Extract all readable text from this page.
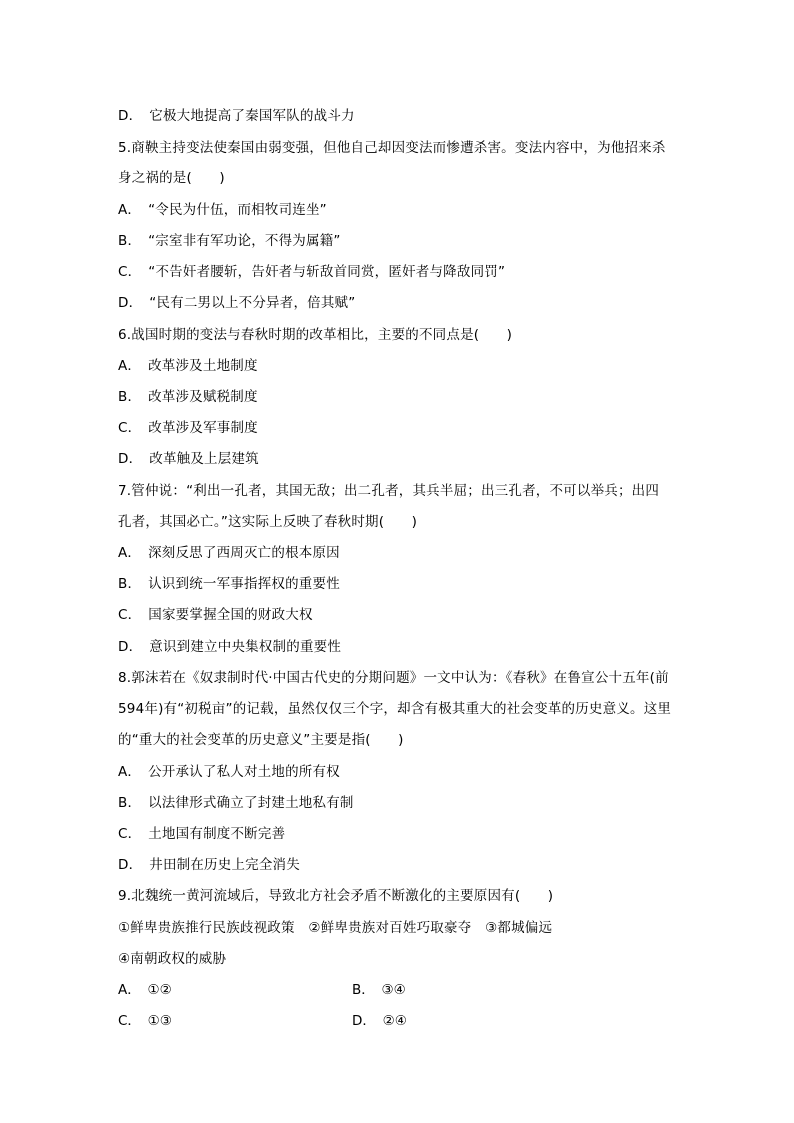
D．　它极大地提高了秦国军队的战斗力
5.商鞅主持变法使秦国由弱变强，但他自己却因变法而惨遭杀害。变法内容中，为他招来杀
身之祸的是(　　)
A．　“令民为什伍，而相牧司连坐”
B．　“宗室非有军功论，不得为属籍”
C．　“不告奸者腰斩，告奸者与斩敌首同赏，匿奸者与降敌同罚”
D．　“民有二男以上不分异者，倍其赋”
6.战国时期的变法与春秋时期的改革相比，主要的不同点是(　　)
A．　改革涉及土地制度
B．　改革涉及赋税制度
C．　改革涉及军事制度
D．　改革触及上层建筑
7.管仲说：“利出一孔者，其国无敌；出二孔者，其兵半屈；出三孔者，不可以举兵；出四
孔者，其国必亡。”这实际上反映了春秋时期(　　)
A．　深刻反思了西周灭亡的根本原因
B．　认识到统一军事指挥权的重要性
C．　国家要掌握全国的财政大权
D．　意识到建立中央集权制的重要性
8.郭沫若在《奴隶制时代·中国古代史的分期问题》一文中认为：《春秋》在鲁宣公十五年(前
594年)有“初税亩”的记载，虽然仅仅三个字，却含有极其重大的社会变革的历史意义。这里
的“重大的社会变革的历史意义”主要是指(　　)
A．　公开承认了私人对土地的所有权
B．　以法律形式确立了封建土地私有制
C．　土地国有制度不断完善
D．　井田制在历史上完全消失
9.北魏统一黄河流域后，导致北方社会矛盾不断激化的主要原因有(　　)
①鲜卑贵族推行民族歧视政策　②鲜卑贵族对百姓巧取豪夺　③都城偏远
④南朝政权的威胁
A．　①②	B．　③④
C．　①③	D．　②④
